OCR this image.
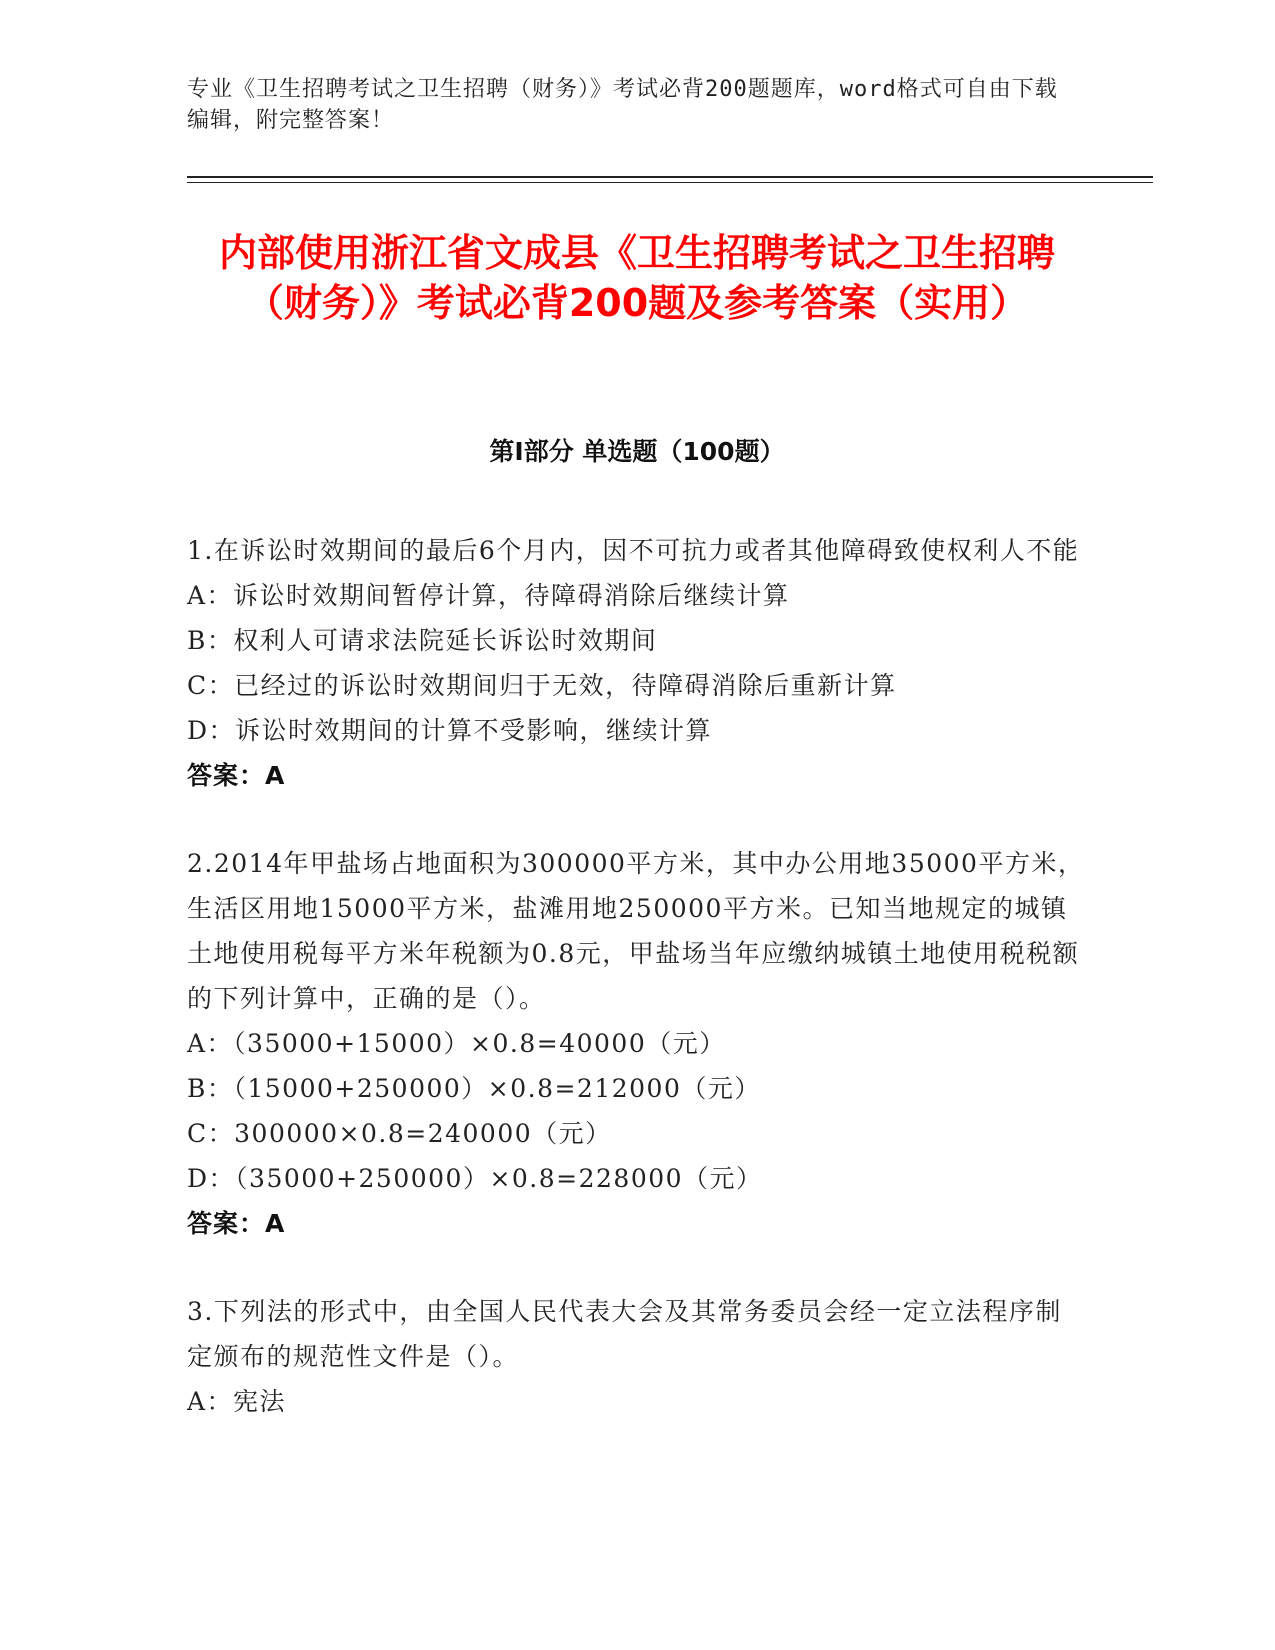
专业《卫生招聘考试之卫生招聘（财务）》考试必背200题题库，word格式可自由下载编辑，附完整答案！
内部使用浙江省文成县《卫生招聘考试之卫生招聘（财务）》考试必背200题及参考答案（实用）
第I部分 单选题（100题）

1.在诉讼时效期间的最后6个月内，因不可抗力或者其他障碍致使权利人不能

A：诉讼时效期间暂停计算，待障碍消除后继续计算

B：权利人可请求法院延长诉讼时效期间

C：已经过的诉讼时效期间归于无效，待障碍消除后重新计算

D：诉讼时效期间的计算不受影响，继续计算

答案：A

2.2014年甲盐场占地面积为300000平方米，其中办公用地35000平方米，生活区用地15000平方米，盐滩用地250000平方米。已知当地规定的城镇土地使用税每平方米年税额为0.8元，甲盐场当年应缴纳城镇土地使用税税额的下列计算中，正确的是（）。

A：（35000+15000）×0.8=40000（元）

B：（15000+250000）×0.8=212000（元）

C：300000×0.8=240000（元）

D：（35000+250000）×0.8=228000（元）

答案：A

3.下列法的形式中，由全国人民代表大会及其常务委员会经一定立法程序制定颁布的规范性文件是（）。

A：宪法
